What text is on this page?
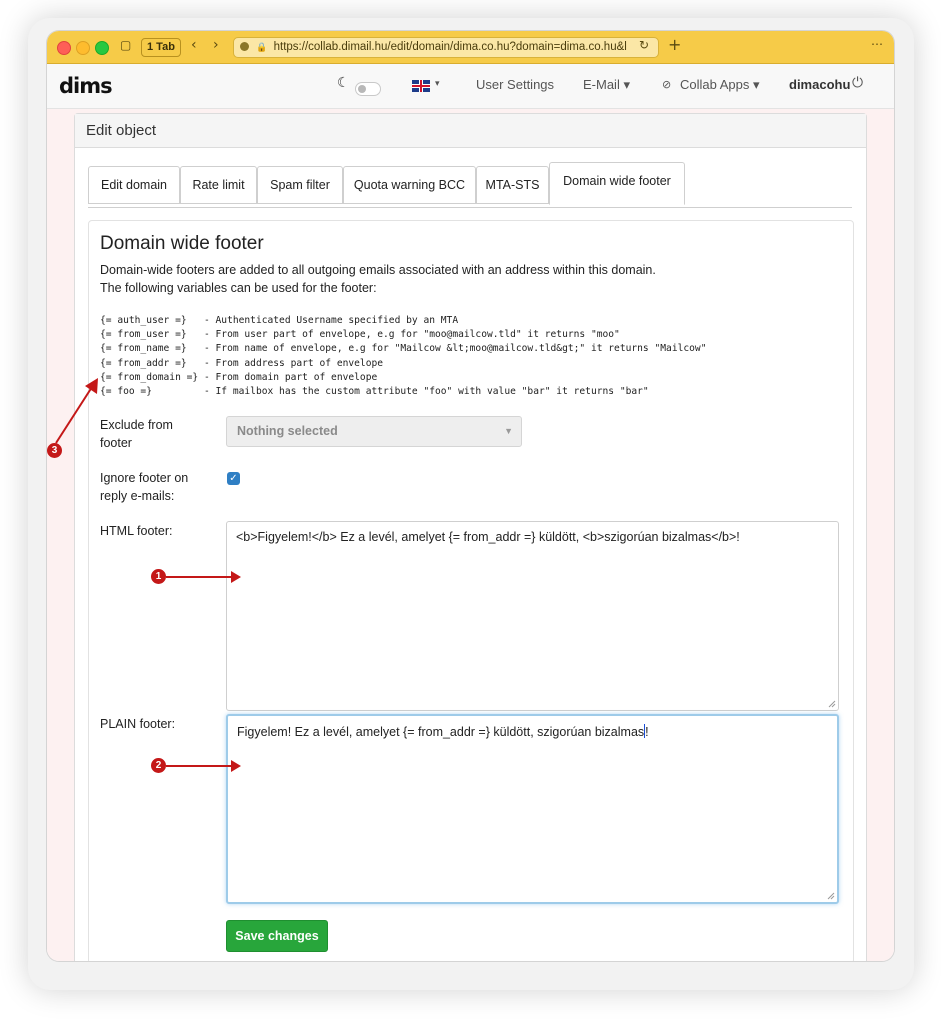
▢	1 Tab	‹ ›	🔒 https://collab.dimail.hu/edit/domain/dima.co.hu?domain=dima.co.hu&l	↻ +	⋯
dims	☾	▾	User Settings E-Mail ▾	⊘ Collab Apps ▾ dimacohu ⏻
Edit object
Edit domain	Rate limit	Spam filter	Quota warning BCC	MTA-STS	Domain wide footer
Domain wide footer
Domain-wide footers are added to all outgoing emails associated with an address within this domain.
The following variables can be used for the footer:
{= auth_user =}   - Authenticated Username specified by an MTA
{= from_user =}   - From user part of envelope, e.g for "moo@mailcow.tld" it returns "moo"
{= from_name =}   - From name of envelope, e.g for "Mailcow &lt;moo@mailcow.tld&gt;" it returns "Mailcow"
{= from_addr =}   - From address part of envelope
{= from_domain =} - From domain part of envelope
{= foo =}         - If mailbox has the custom attribute "foo" with value "bar" it returns "bar"
Exclude from footer
Nothing selected	▼
Ignore footer on reply e-mails:
✓
HTML footer:	<b>Figyelem!</b> Ez a levél, amelyet {= from_addr =} küldött, <b>szigorúan bizalmas</b>!
PLAIN footer:
Figyelem! Ez a levél, amelyet {= from_addr =} küldött, szigorúan bizalmas!
Save changes
1
2
3
